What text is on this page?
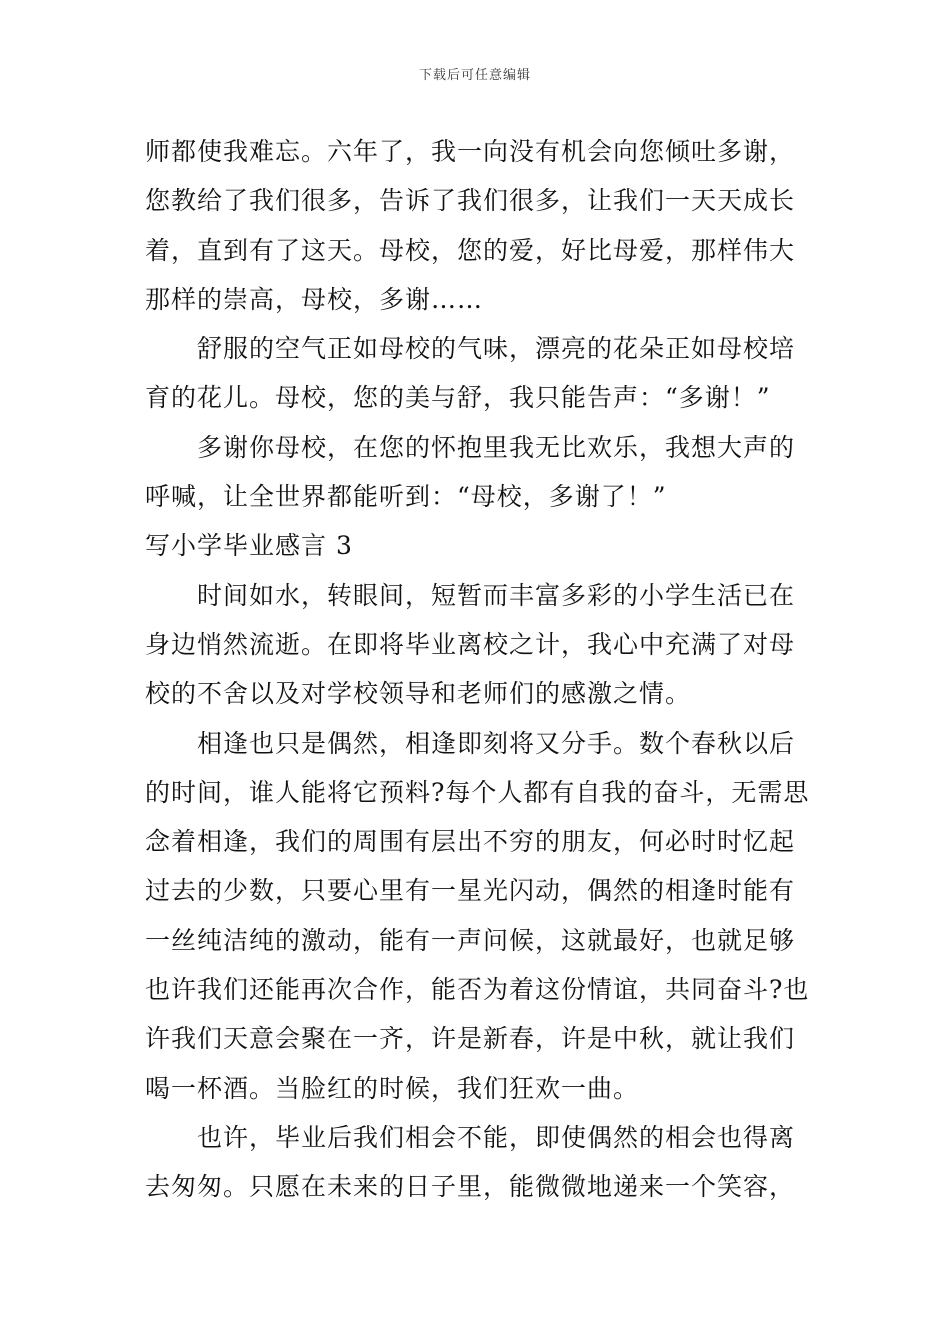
下载后可任意编辑
师都使我难忘。六年了，我一向没有机会向您倾吐多谢，
您教给了我们很多，告诉了我们很多，让我们一天天成长
着，直到有了这天。母校，您的爱，好比母爱，那样伟大
那样的崇高，母校，多谢……
舒服的空气正如母校的气味，漂亮的花朵正如母校培
育的花儿。母校，您的美与舒，我只能告声：“多谢！”
多谢你母校，在您的怀抱里我无比欢乐，我想大声的
呼喊，让全世界都能听到：“母校，多谢了！”
写小学毕业感言 3
时间如水，转眼间，短暂而丰富多彩的小学生活已在
身边悄然流逝。在即将毕业离校之计，我心中充满了对母
校的不舍以及对学校领导和老师们的感激之情。
相逢也只是偶然，相逢即刻将又分手。数个春秋以后
的时间，谁人能将它预料?每个人都有自我的奋斗，无需思
念着相逢，我们的周围有层出不穷的朋友，何必时时忆起
过去的少数，只要心里有一星光闪动，偶然的相逢时能有
一丝纯洁纯的激动，能有一声问候，这就最好，也就足够
也许我们还能再次合作，能否为着这份情谊，共同奋斗?也
许我们天意会聚在一齐，许是新春，许是中秋，就让我们
喝一杯酒。当脸红的时候，我们狂欢一曲。
也许，毕业后我们相会不能，即使偶然的相会也得离
去匆匆。只愿在未来的日子里，能微微地递来一个笑容，
